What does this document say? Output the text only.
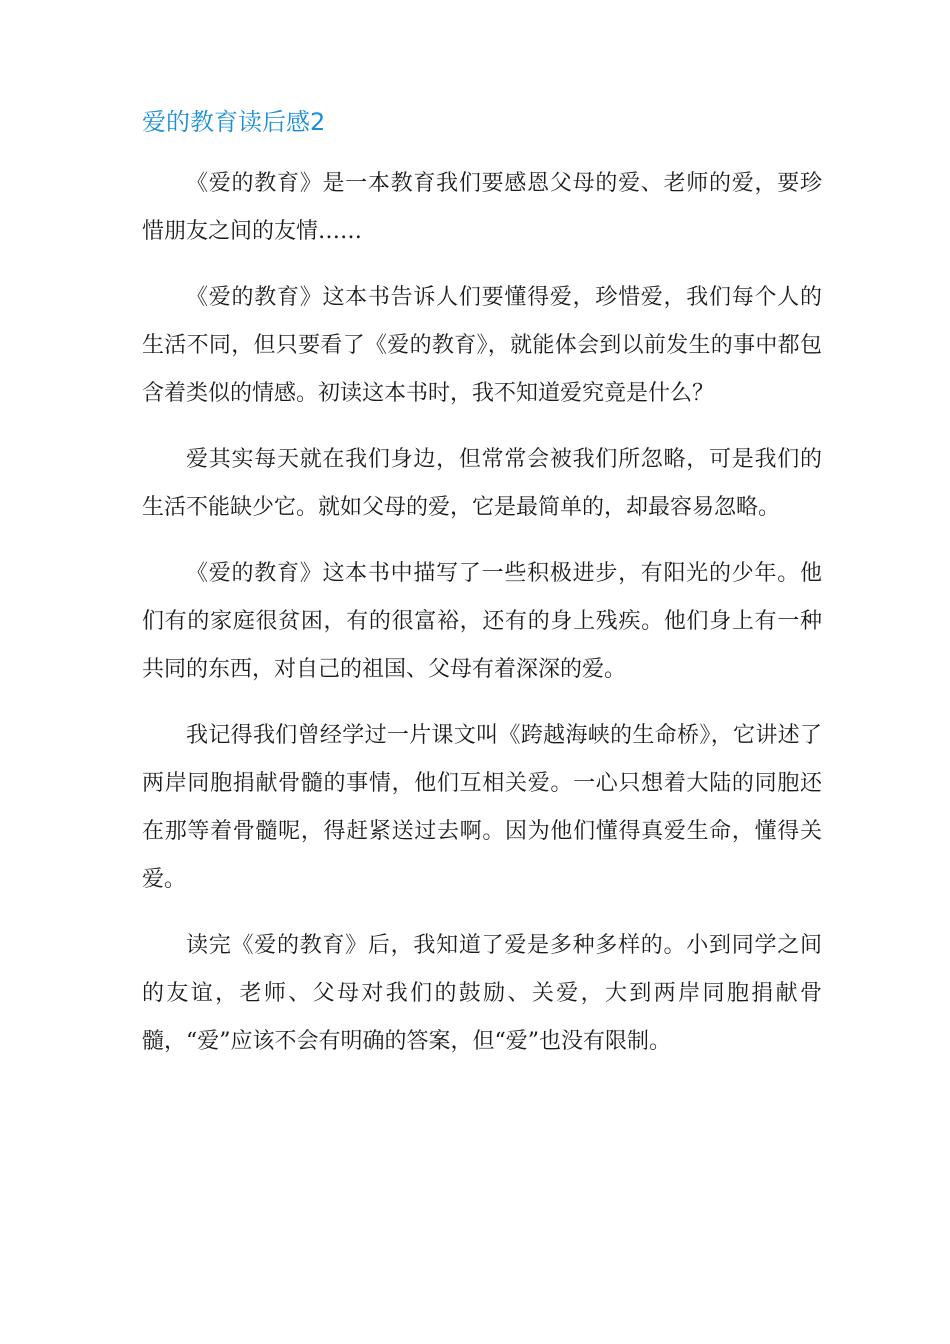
爱的教育读后感2

《爱的教育》是一本教育我们要感恩父母的爱、老师的爱，要珍惜朋友之间的友情……

《爱的教育》这本书告诉人们要懂得爱，珍惜爱，我们每个人的生活不同，但只要看了《爱的教育》，就能体会到以前发生的事中都包含着类似的情感。初读这本书时，我不知道爱究竟是什么？

爱其实每天就在我们身边，但常常会被我们所忽略，可是我们的生活不能缺少它。就如父母的爱，它是最简单的，却最容易忽略。

《爱的教育》这本书中描写了一些积极进步，有阳光的少年。他们有的家庭很贫困，有的很富裕，还有的身上残疾。他们身上有一种共同的东西，对自己的祖国、父母有着深深的爱。

我记得我们曾经学过一片课文叫《跨越海峡的生命桥》，它讲述了两岸同胞捐献骨髓的事情，他们互相关爱。一心只想着大陆的同胞还在那等着骨髓呢，得赶紧送过去啊。因为他们懂得真爱生命，懂得关爱。

读完《爱的教育》后，我知道了爱是多种多样的。小到同学之间的友谊，老师、父母对我们的鼓励、关爱，大到两岸同胞捐献骨髓，“爱”应该不会有明确的答案，但“爱”也没有限制。
